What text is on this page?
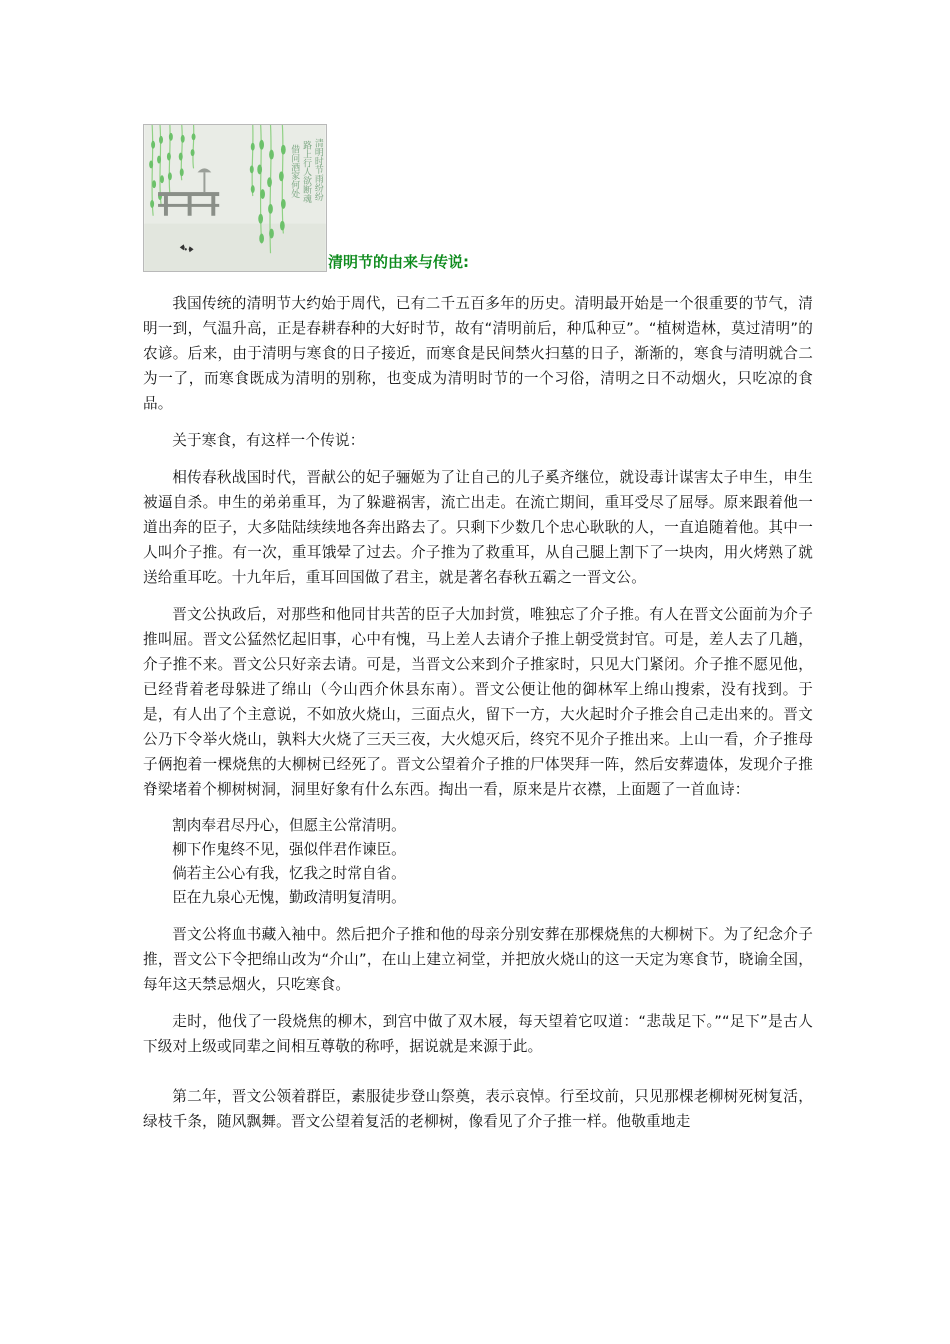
清明时节雨纷纷
路上行人欲断魂
借问酒家何处
清明节的由来与传说:

我国传统的清明节大约始于周代，已有二千五百多年的历史。清明最开始是一个很重要的节气，清明一到，气温升高，正是春耕春种的大好时节，故有“清明前后，种瓜种豆”。“植树造林，莫过清明”的农谚。后来，由于清明与寒食的日子接近，而寒食是民间禁火扫墓的日子，渐渐的，寒食与清明就合二为一了，而寒食既成为清明的别称，也变成为清明时节的一个习俗，清明之日不动烟火，只吃凉的食品。

关于寒食，有这样一个传说：

相传春秋战国时代，晋献公的妃子骊姬为了让自己的儿子奚齐继位，就设毒计谋害太子申生，申生被逼自杀。申生的弟弟重耳，为了躲避祸害，流亡出走。在流亡期间，重耳受尽了屈辱。原来跟着他一道出奔的臣子，大多陆陆续续地各奔出路去了。只剩下少数几个忠心耿耿的人，一直追随着他。其中一人叫介子推。有一次，重耳饿晕了过去。介子推为了救重耳，从自己腿上割下了一块肉，用火烤熟了就送给重耳吃。十九年后，重耳回国做了君主，就是著名春秋五霸之一晋文公。

晋文公执政后，对那些和他同甘共苦的臣子大加封赏，唯独忘了介子推。有人在晋文公面前为介子推叫屈。晋文公猛然忆起旧事，心中有愧，马上差人去请介子推上朝受赏封官。可是，差人去了几趟，介子推不来。晋文公只好亲去请。可是，当晋文公来到介子推家时，只见大门紧闭。介子推不愿见他，已经背着老母躲进了绵山（今山西介休县东南）。晋文公便让他的御林军上绵山搜索，没有找到。于是，有人出了个主意说，不如放火烧山，三面点火，留下一方，大火起时介子推会自己走出来的。晋文公乃下令举火烧山，孰料大火烧了三天三夜，大火熄灭后，终究不见介子推出来。上山一看，介子推母子俩抱着一棵烧焦的大柳树已经死了。晋文公望着介子推的尸体哭拜一阵，然后安葬遗体，发现介子推脊梁堵着个柳树树洞，洞里好象有什么东西。掏出一看，原来是片衣襟，上面题了一首血诗：

割肉奉君尽丹心，但愿主公常清明。
柳下作鬼终不见，强似伴君作谏臣。
倘若主公心有我，忆我之时常自省。
臣在九泉心无愧，勤政清明复清明。

晋文公将血书藏入袖中。然后把介子推和他的母亲分别安葬在那棵烧焦的大柳树下。为了纪念介子推，晋文公下令把绵山改为“介山”，在山上建立祠堂，并把放火烧山的这一天定为寒食节，晓谕全国，每年这天禁忌烟火，只吃寒食。

走时，他伐了一段烧焦的柳木，到宫中做了双木屐，每天望着它叹道：“悲哉足下。”“足下”是古人下级对上级或同辈之间相互尊敬的称呼，据说就是来源于此。

第二年，晋文公领着群臣，素服徒步登山祭奠，表示哀悼。行至坟前，只见那棵老柳树死树复活，绿枝千条，随风飘舞。晋文公望着复活的老柳树，像看见了介子推一样。他敬重地走
